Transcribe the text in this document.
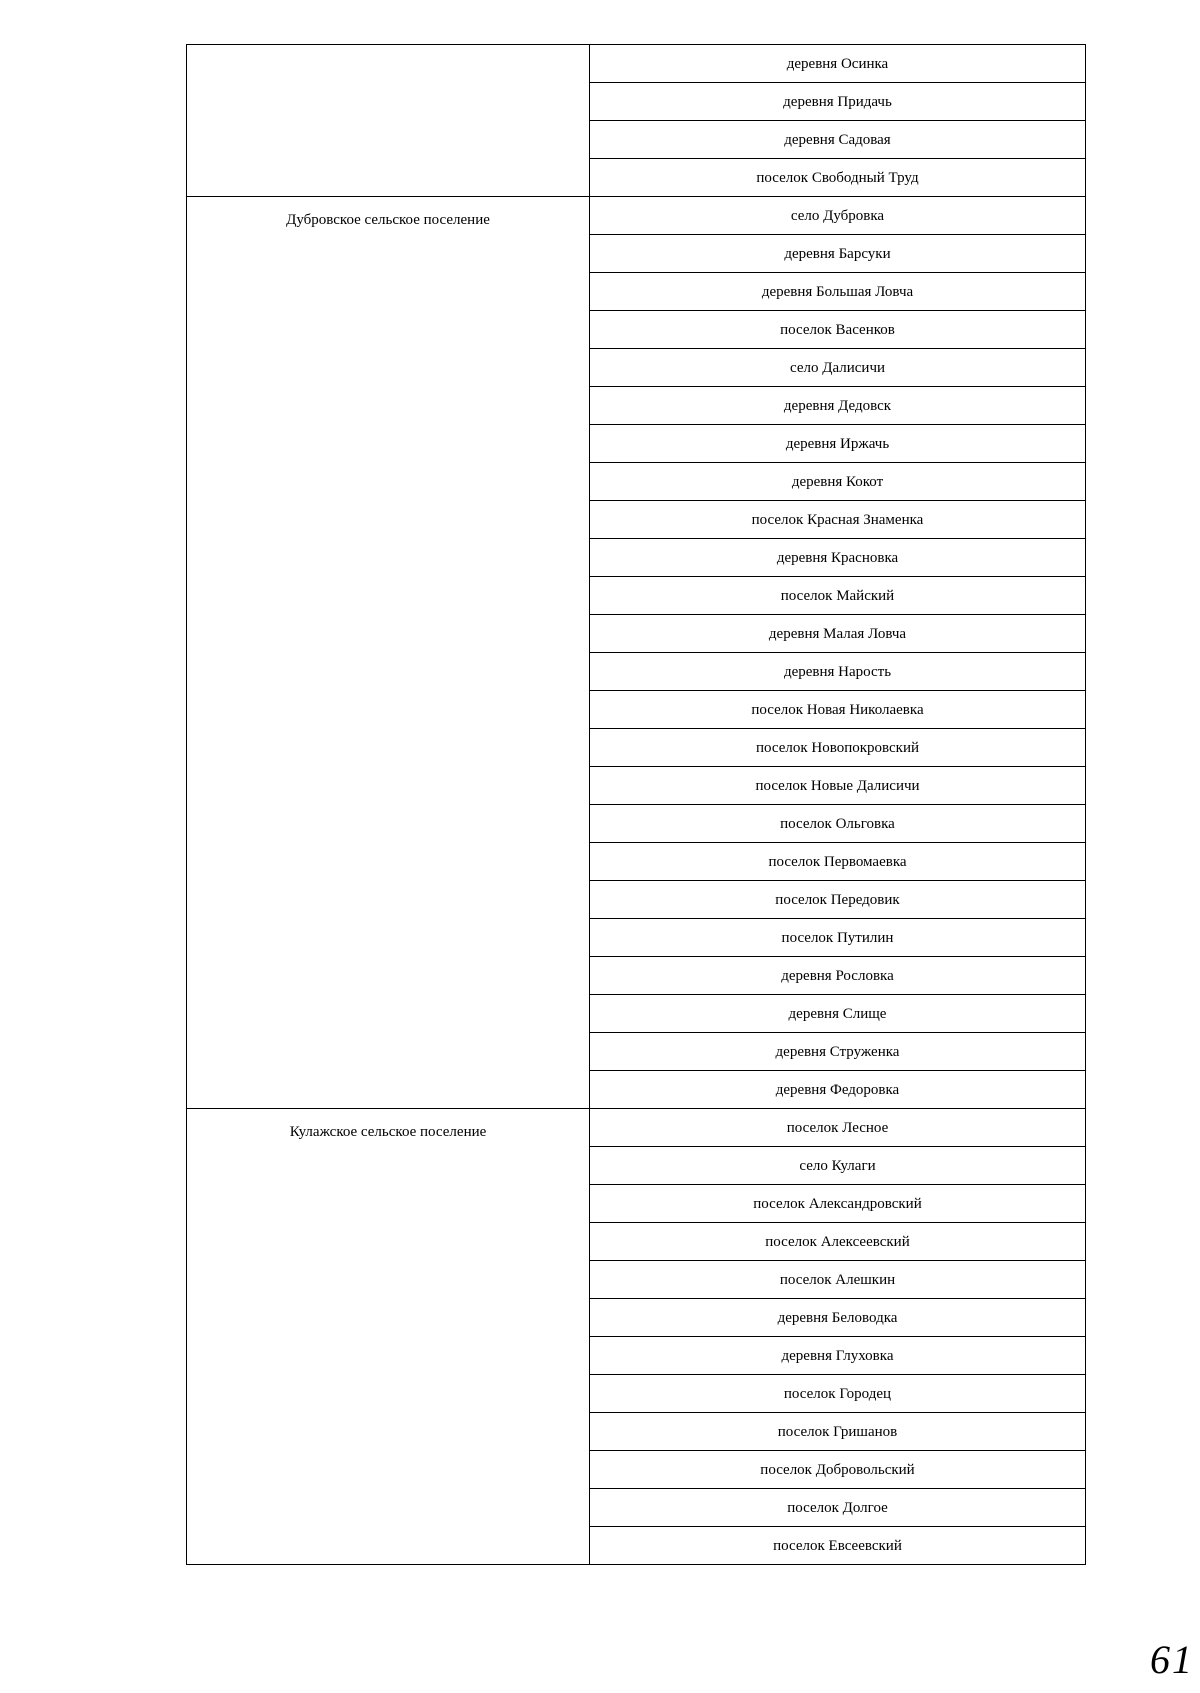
	деревня Осинка
	деревня Придачь
	деревня Садовая
	поселок Свободный Труд
Дубровское сельское поселение	село Дубровка
	деревня Барсуки
	деревня Большая Ловча
	поселок Васенков
	село Далисичи
	деревня Дедовск
	деревня Иржачь
	деревня Кокот
	поселок Красная Знаменка
	деревня Красновка
	поселок Майский
	деревня Малая Ловча
	деревня Нарость
	поселок Новая Николаевка
	поселок Новопокровский
	поселок Новые Далисичи
	поселок Ольговка
	поселок Первомаевка
	поселок Передовик
	поселок Путилин
	деревня Рословка
	деревня Слище
	деревня Струженка
	деревня Федоровка
Кулажское сельское поселение	поселок Лесное
	село Кулаги
	поселок Александровский
	поселок Алексеевский
	поселок Алешкин
	деревня Беловодка
	деревня Глуховка
	поселок Городец
	поселок Гришанов
	поселок Добровольский
	поселок Долгое
	поселок Евсеевский
61
